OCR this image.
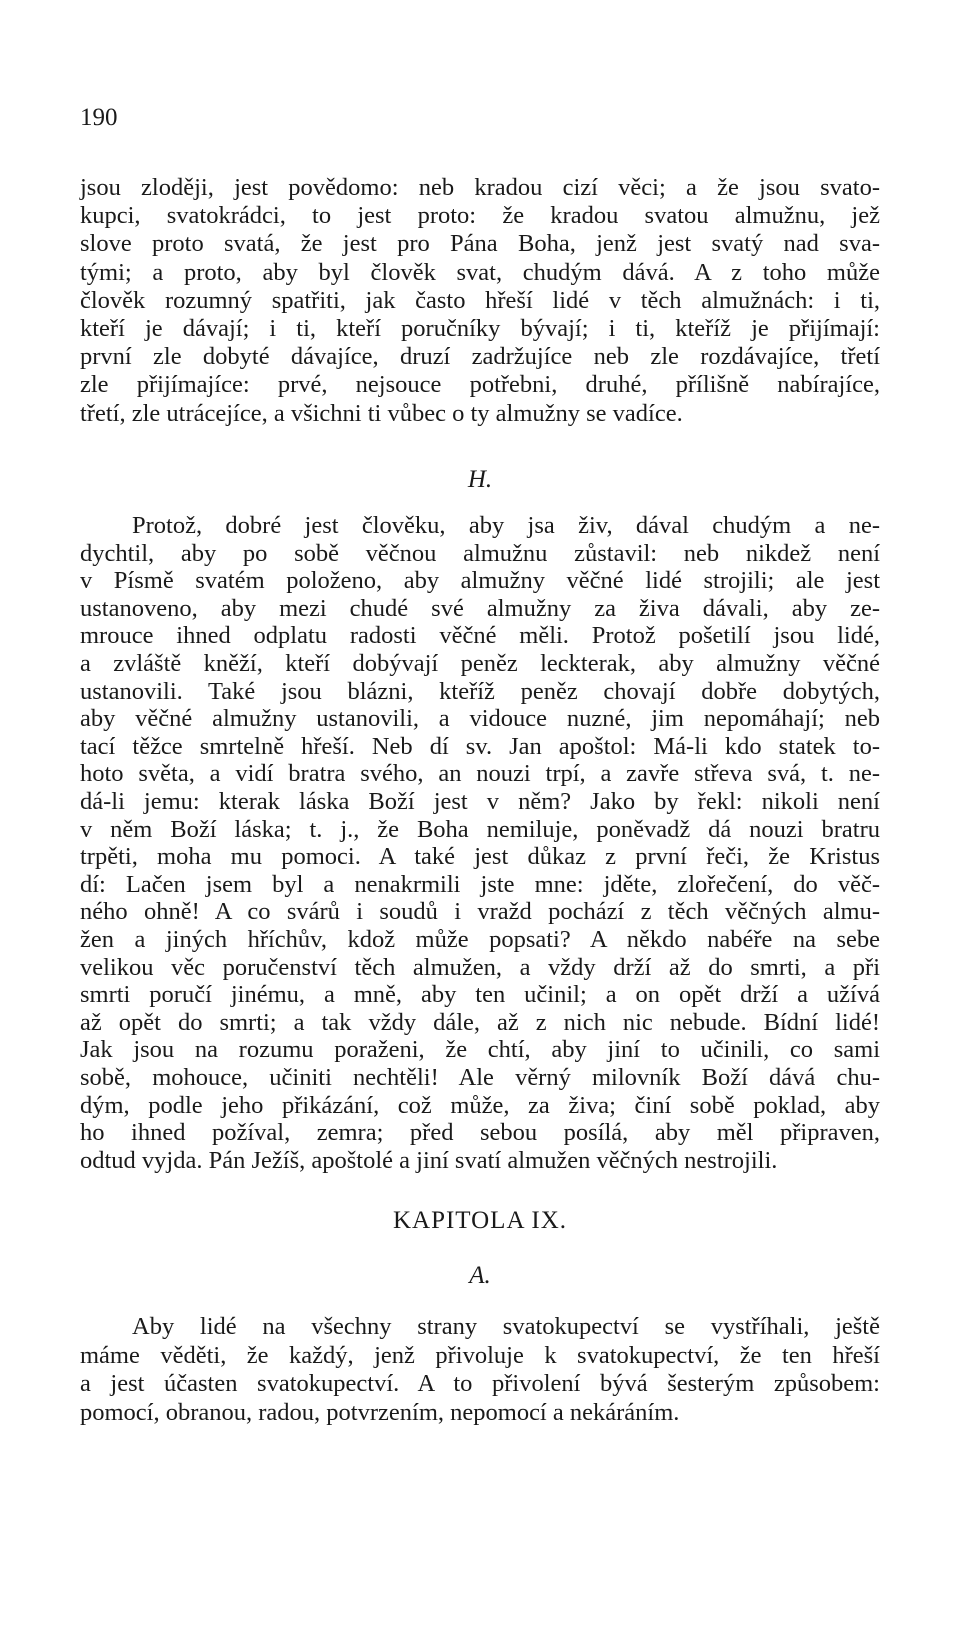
190
jsou zloději, jest povědomo: neb kradou cizí věci; a že jsou svato-
kupci, svatokrádci, to jest proto: že kradou svatou almužnu, jež
slove proto svatá, že jest pro Pána Boha, jenž jest svatý nad sva-
tými; a proto, aby byl člověk svat, chudým dává. A z toho může
člověk rozumný spatřiti, jak často hřeší lidé v těch almužnách: i ti,
kteří je dávají; i ti, kteří poručníky bývají; i ti, kteříž je přijímají:
první zle dobyté dávajíce, druzí zadržujíce neb zle rozdávajíce, třetí
zle přijímajíce: prvé, nejsouce potřebni, druhé, přílišně nabírajíce,
třetí, zle utrácejíce, a všichni ti vůbec o ty almužny se vadíce.
H.
Protož, dobré jest člověku, aby jsa živ, dával chudým a ne-
dychtil, aby po sobě věčnou almužnu zůstavil: neb nikdež není
v Písmě svatém položeno, aby almužny věčné lidé strojili; ale jest
ustanoveno, aby mezi chudé své almužny za živa dávali, aby ze-
mrouce ihned odplatu radosti věčné měli. Protož pošetilí jsou lidé,
a zvláště kněží, kteří dobývají peněz leckterak, aby almužny věčné
ustanovili. Také jsou blázni, kteříž peněz chovají dobře dobytých,
aby věčné almužny ustanovili, a vidouce nuzné, jim nepomáhají; neb
tací těžce smrtelně hřeší. Neb dí sv. Jan apoštol: Má-li kdo statek to-
hoto světa, a vidí bratra svého, an nouzi trpí, a zavře střeva svá, t. ne-
dá-li jemu: kterak láska Boží jest v něm? Jako by řekl: nikoli není
v něm Boží láska; t. j., že Boha nemiluje, poněvadž dá nouzi bratru
trpěti, moha mu pomoci. A také jest důkaz z první řeči, že Kristus
dí: Lačen jsem byl a nenakrmili jste mne: jděte, zlořečení, do věč-
ného ohně! A co svárů i soudů i vražd pochází z těch věčných almu-
žen a jiných hříchův, kdož může popsati? A někdo nabéře na sebe
velikou věc poručenství těch almužen, a vždy drží až do smrti, a při
smrti poručí jinému, a mně, aby ten učinil; a on opět drží a užívá
až opět do smrti; a tak vždy dále, až z nich nic nebude. Bídní lidé!
Jak jsou na rozumu poraženi, že chtí, aby jiní to učinili, co sami
sobě, mohouce, učiniti nechtěli! Ale věrný milovník Boží dává chu-
dým, podle jeho přikázání, což může, za živa; činí sobě poklad, aby
ho ihned požíval, zemra; před sebou posílá, aby měl připraven,
odtud vyjda. Pán Ježíš, apoštolé a jiní svatí almužen věčných nestrojili.
KAPITOLA IX.
A.
Aby lidé na všechny strany svatokupectví se vystříhali, ještě
máme věděti, že každý, jenž přivoluje k svatokupectví, že ten hřeší
a jest účasten svatokupectví. A to přivolení bývá šesterým způsobem:
pomocí, obranou, radou, potvrzením, nepomocí a nekáráním.
